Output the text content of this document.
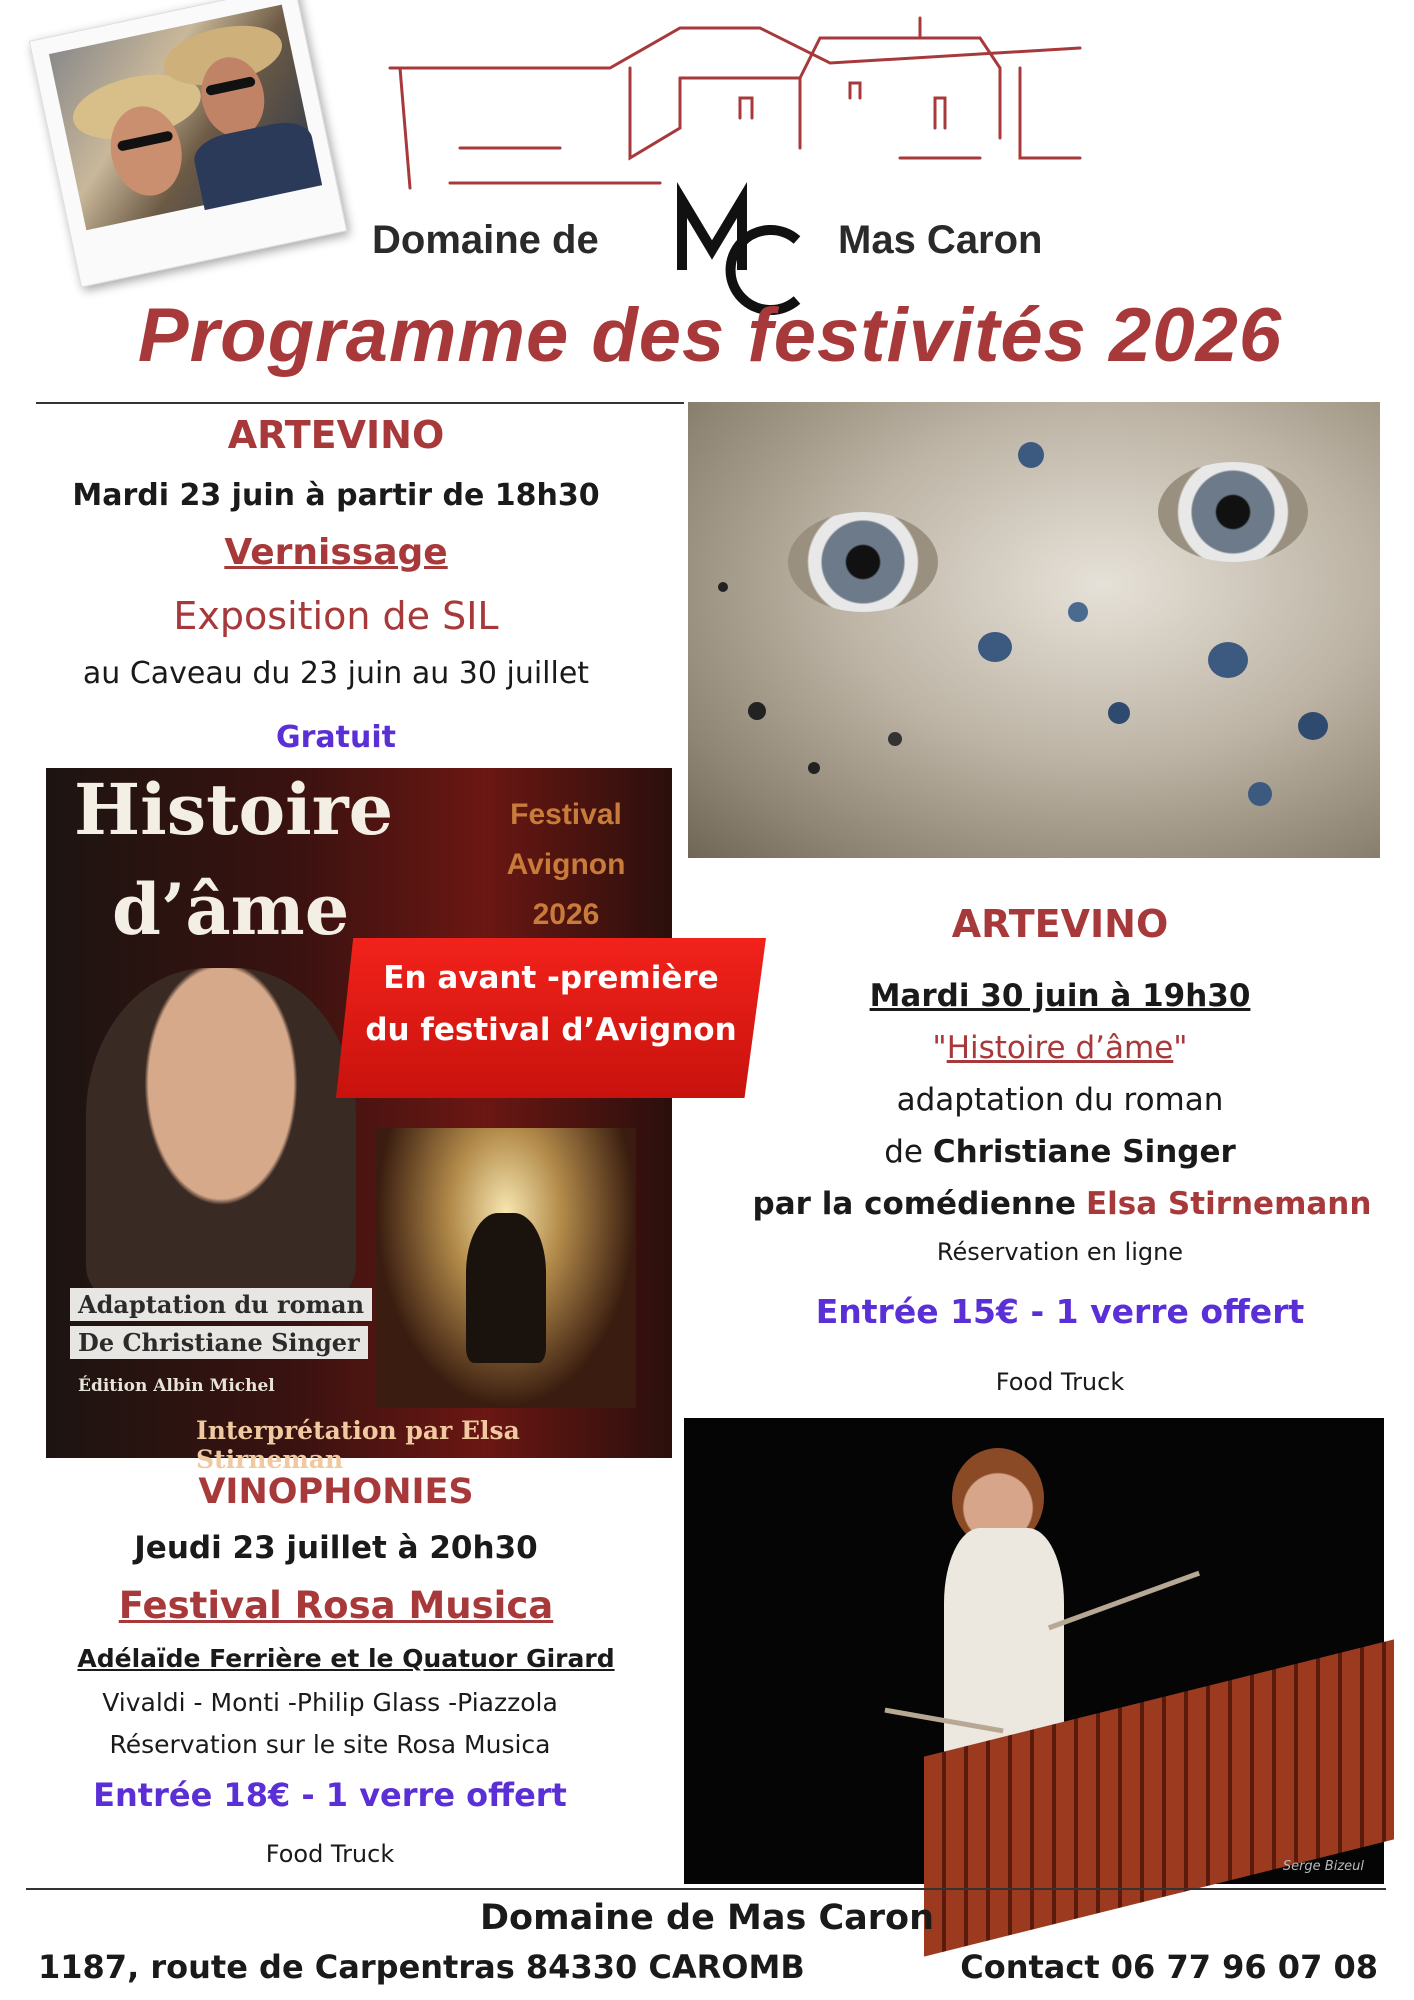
Domaine de	Mas Caron
Programme des festivités 2026
ARTEVINO
Mardi 23 juin à partir de 18h30
Vernissage
Exposition de SIL
au Caveau du 23 juin au 30 juillet
Gratuit
Histoire
d’âme
Festival
Avignon
2026
Adaptation du roman
De Christiane Singer
Édition Albin Michel
Interprétation par Elsa Stirneman
En avant -première
du festival d’Avignon
ARTEVINO
Mardi 30 juin à 19h30
"Histoire d’âme"
adaptation du roman
de Christiane Singer
par la comédienne Elsa Stirnemann
Réservation en ligne
Entrée 15€ - 1 verre offert
Food Truck
Serge Bizeul
VINOPHONIES
Jeudi 23 juillet à 20h30
Festival Rosa Musica
Adélaïde Ferrière et le Quatuor Girard
Vivaldi - Monti -Philip Glass -Piazzola
Réservation sur le site Rosa Musica
Entrée 18€ - 1 verre offert
Food Truck
Domaine de Mas Caron
1187, route de Carpentras 84330 CAROMB	Contact 06 77 96 07 08
